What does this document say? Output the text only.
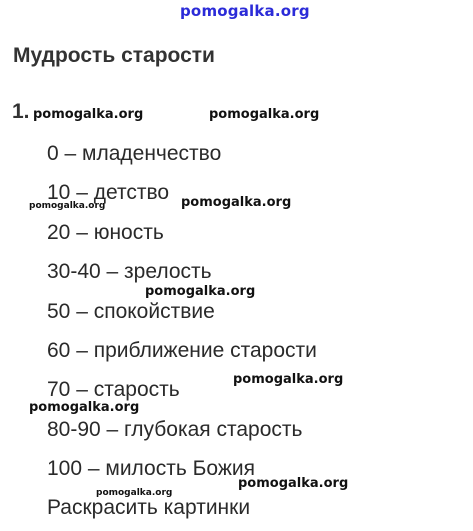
pomogalka.org
Мудрость старости
1.
0 – младенчество
10 – детство
20 – юность
30-40 – зрелость
50 – спокойствие
60 – приближение старости
70 – старость
80-90 – глубокая старость
100 – милость Божия
Раскрасить картинки
pomogalka.org	pomogalka.org
pomogalka.org	pomogalka.org
pomogalka.org
pomogalka.org
pomogalka.org
pomogalka.org
pomogalka.org
